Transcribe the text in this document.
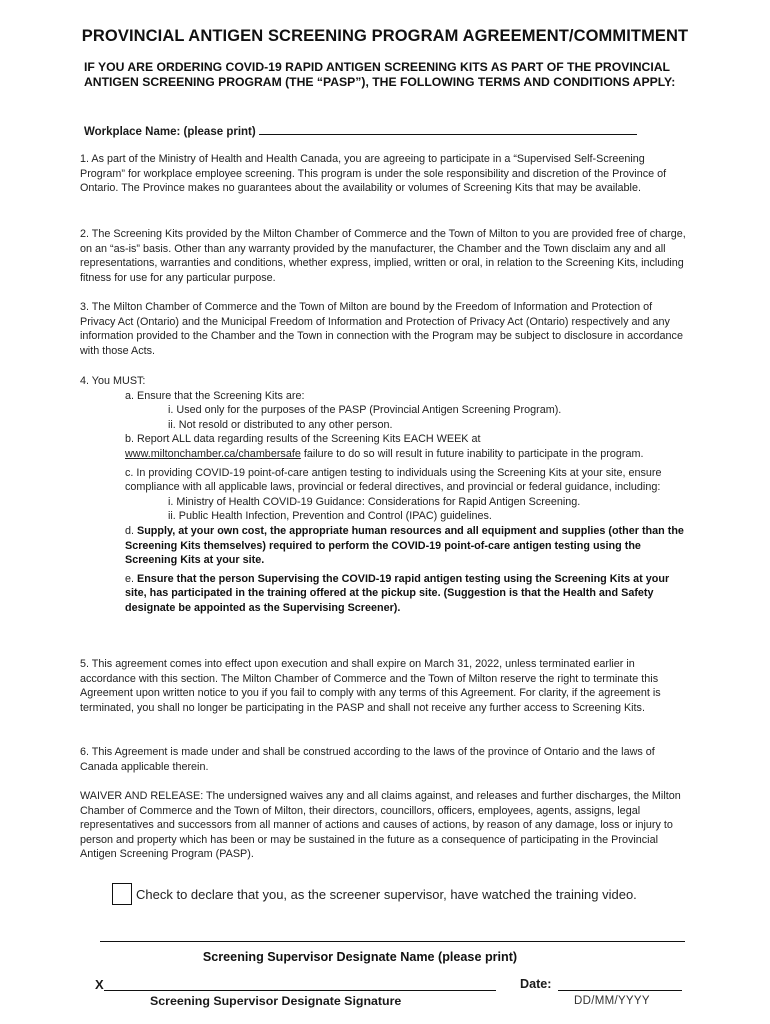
PROVINCIAL ANTIGEN SCREENING PROGRAM AGREEMENT/COMMITMENT
IF YOU ARE ORDERING COVID-19 RAPID ANTIGEN SCREENING KITS AS PART OF THE PROVINCIAL ANTIGEN SCREENING PROGRAM (THE “PASP”), THE FOLLOWING TERMS AND CONDITIONS APPLY:
Workplace Name: (please print)
1. As part of the Ministry of Health and Health Canada, you are agreeing to participate in a “Supervised Self-Screening Program” for workplace employee screening. This program is under the sole responsibility and discretion of the Province of Ontario. The Province makes no guarantees about the availability or volumes of Screening Kits that may be available.
2. The Screening Kits provided by the Milton Chamber of Commerce and the Town of Milton to you are provided free of charge, on an “as-is” basis. Other than any warranty provided by the manufacturer, the Chamber and the Town disclaim any and all representations, warranties and conditions, whether express, implied, written or oral, in relation to the Screening Kits, including fitness for use for any particular purpose.
3. The Milton Chamber of Commerce and the Town of Milton are bound by the Freedom of Information and Protection of Privacy Act (Ontario) and the Municipal Freedom of Information and Protection of Privacy Act (Ontario) respectively and any information provided to the Chamber and the Town in connection with the Program may be subject to disclosure in accordance with those Acts.
4. You MUST:
a. Ensure that the Screening Kits are:
i. Used only for the purposes of the PASP (Provincial Antigen Screening Program).
ii. Not resold or distributed to any other person.
b. Report ALL data regarding results of the Screening Kits EACH WEEK at
www.miltonchamber.ca/chambersafe failure to do so will result in future inability to participate in the program.
c. In providing COVID-19 point-of-care antigen testing to individuals using the Screening Kits at your site, ensure compliance with all applicable laws, provincial or federal directives, and provincial or federal guidance, including:
i. Ministry of Health COVID-19 Guidance: Considerations for Rapid Antigen Screening.
ii. Public Health Infection, Prevention and Control (IPAC) guidelines.
d. Supply, at your own cost, the appropriate human resources and all equipment and supplies (other than the Screening Kits themselves) required to perform the COVID-19 point-of-care antigen testing using the Screening Kits at your site.
e. Ensure that the person Supervising the COVID-19 rapid antigen testing using the Screening Kits at your site, has participated in the training offered at the pickup site. (Suggestion is that the Health and Safety designate be appointed as the Supervising Screener).
5. This agreement comes into effect upon execution and shall expire on March 31, 2022, unless terminated earlier in accordance with this section. The Milton Chamber of Commerce and the Town of Milton reserve the right to terminate this Agreement upon written notice to you if you fail to comply with any terms of this Agreement. For clarity, if the agreement is terminated, you shall no longer be participating in the PASP and shall not receive any further access to Screening Kits.
6. This Agreement is made under and shall be construed according to the laws of the province of Ontario and the laws of Canada applicable therein.
WAIVER AND RELEASE: The undersigned waives any and all claims against, and releases and further discharges, the Milton Chamber of Commerce and the Town of Milton, their directors, councillors, officers, employees, agents, assigns, legal representatives and successors from all manner of actions and causes of actions, by reason of any damage, loss or injury to person and property which has been or may be sustained in the future as a consequence of participating in the Provincial Antigen Screening Program (PASP).
Check to declare that you, as the screener supervisor, have watched the training video.
Screening Supervisor Designate Name (please print)
X	Date:
Screening Supervisor Designate Signature	DD/MM/YYYY
